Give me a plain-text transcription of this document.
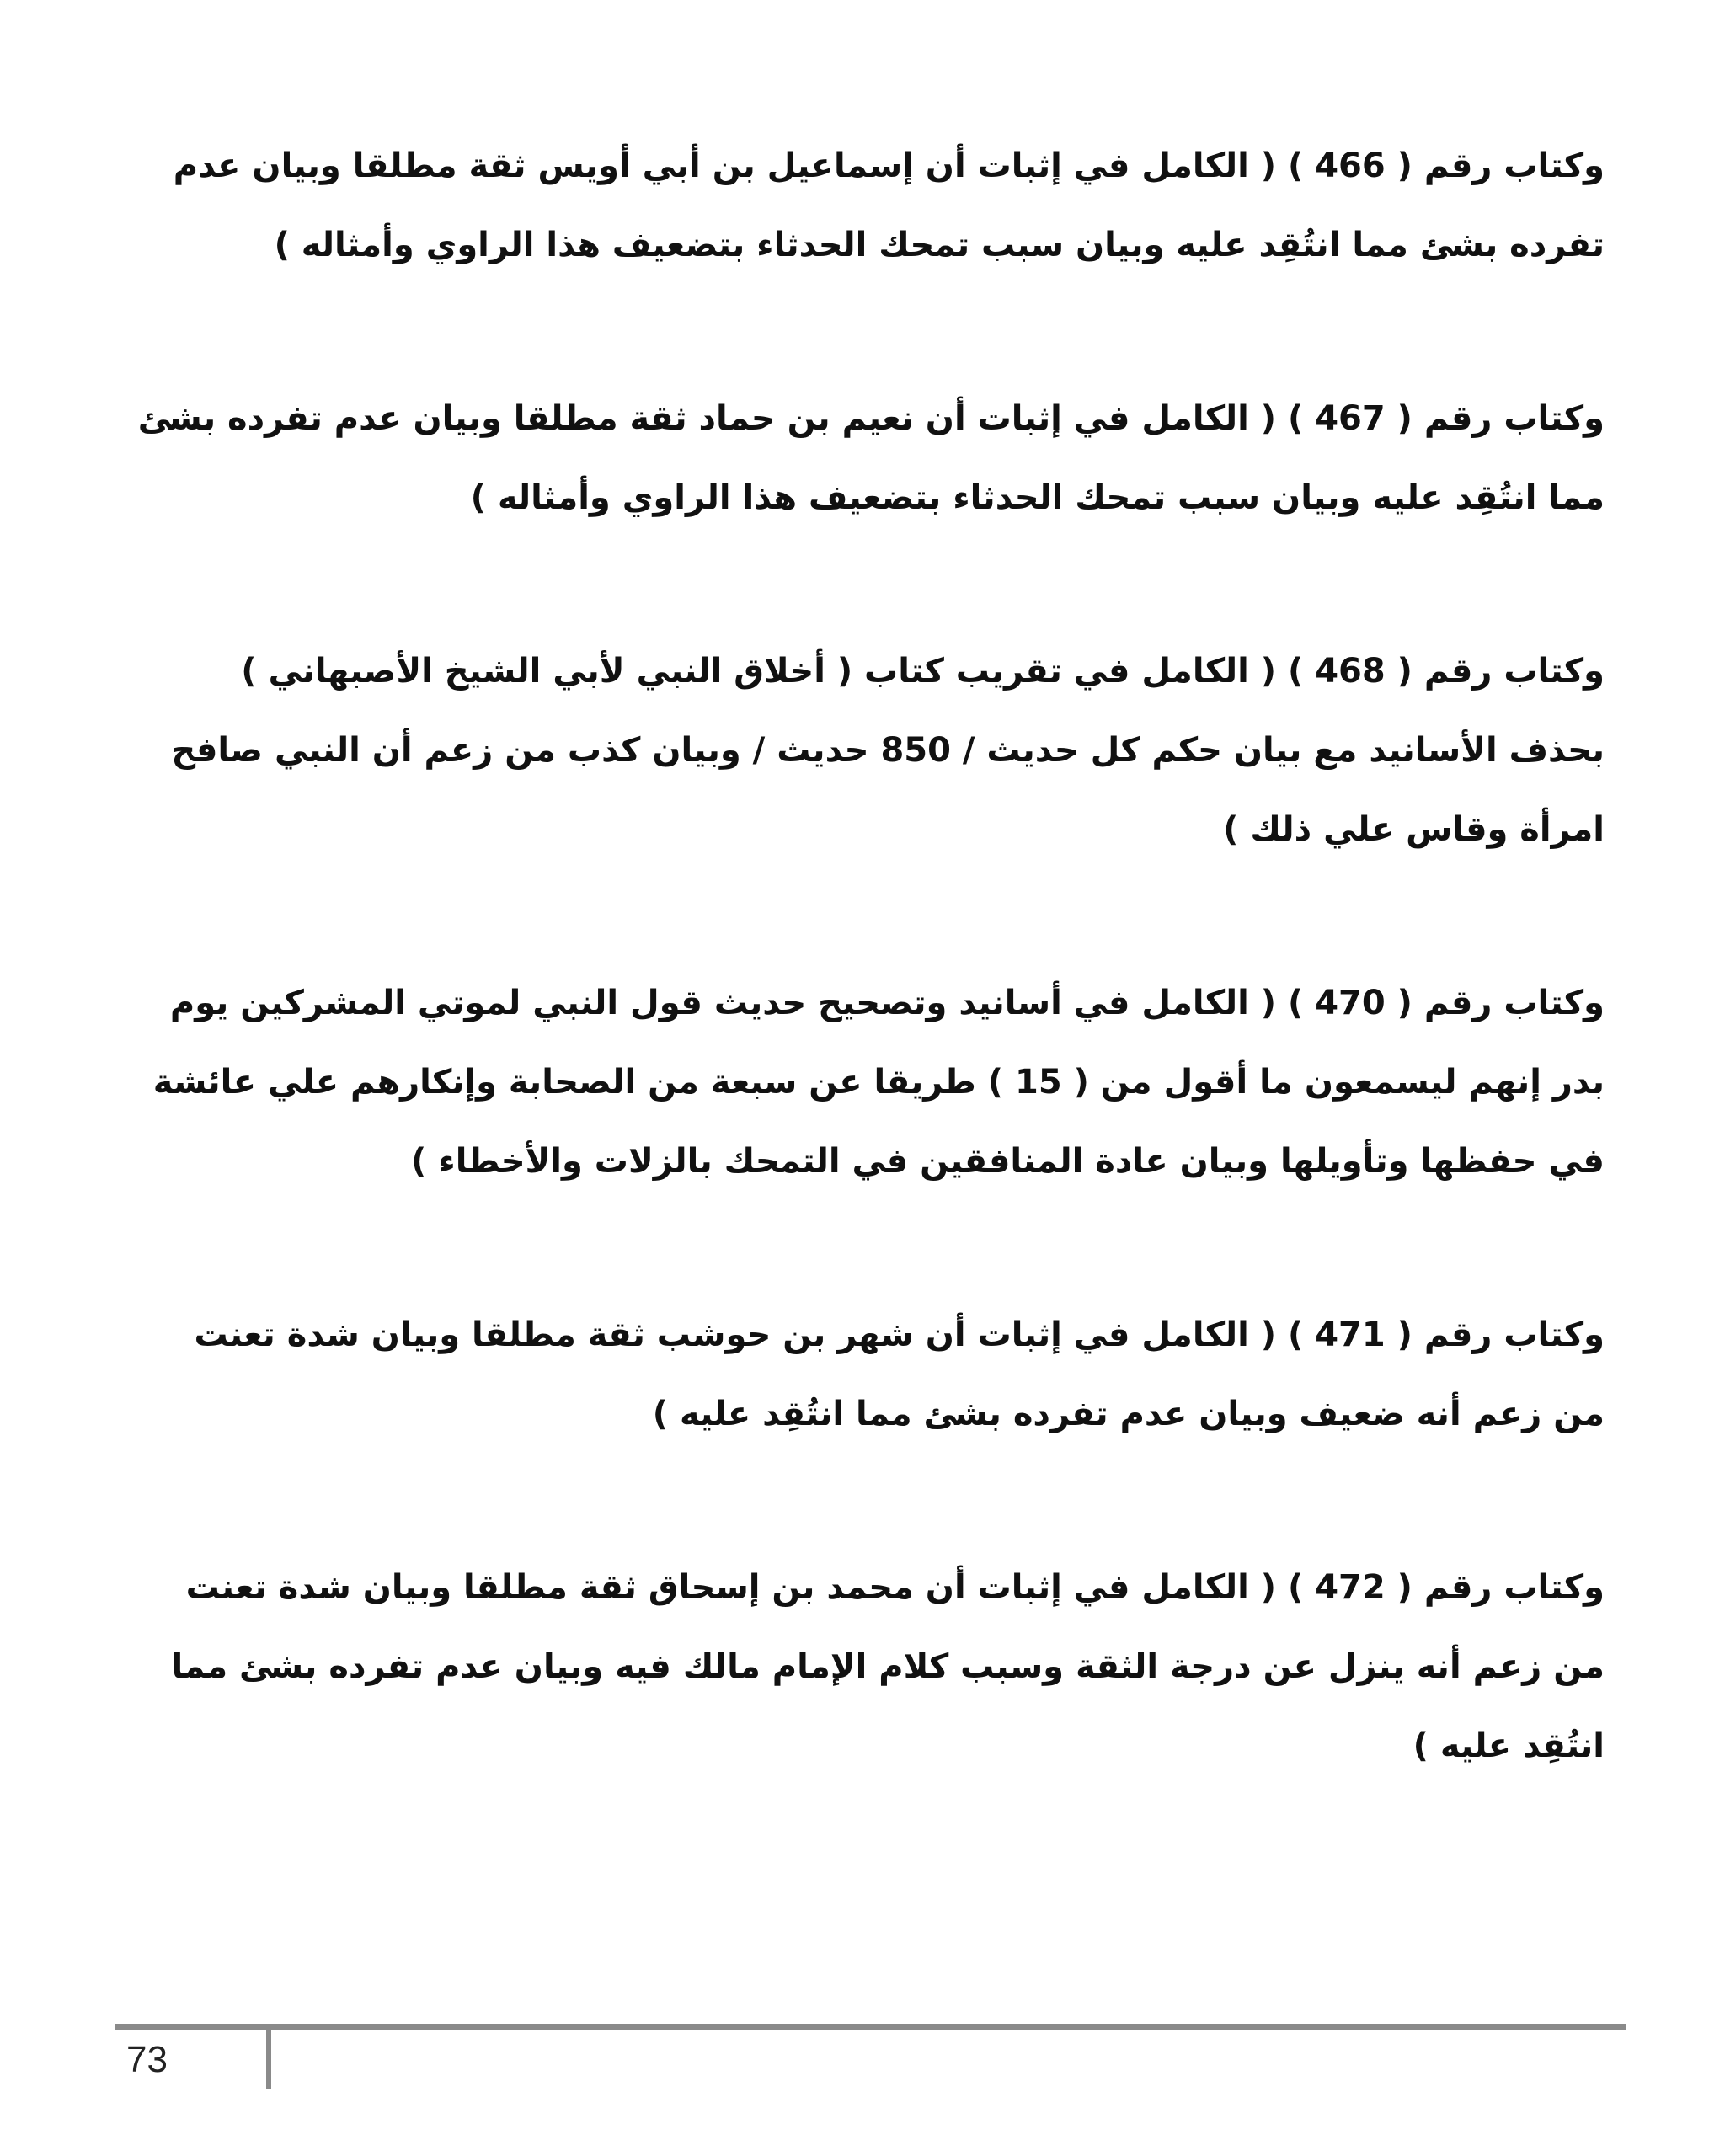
وكتاب رقم ( 466 ) ( الكامل في إثبات أن إسماعيل بن أبي أويس ثقة مطلقا وبيان عدم تفرده بشئ مما انتُقِد عليه وبيان سبب تمحك الحدثاء بتضعيف هذا الراوي وأمثاله )

وكتاب رقم ( 467 ) ( الكامل في إثبات أن نعيم بن حماد ثقة مطلقا وبيان عدم تفرده بشئ مما انتُقِد عليه وبيان سبب تمحك الحدثاء بتضعيف هذا الراوي وأمثاله )

وكتاب رقم ( 468 ) ( الكامل في تقريب كتاب ( أخلاق النبي لأبي الشيخ الأصبهاني ) بحذف الأسانيد مع بيان حكم كل حديث / 850 حديث / وبيان كذب من زعم أن النبي صافح امرأة وقاس علي ذلك )

وكتاب رقم ( 470 ) ( الكامل في أسانيد وتصحيح حديث قول النبي لموتي المشركين يوم بدر إنهم ليسمعون ما أقول من ( 15 ) طريقا عن سبعة من الصحابة وإنكارهم علي عائشة في حفظها وتأويلها وبيان عادة المنافقين في التمحك بالزلات والأخطاء )

وكتاب رقم ( 471 ) ( الكامل في إثبات أن شهر بن حوشب ثقة مطلقا وبيان شدة تعنت من زعم أنه ضعيف وبيان عدم تفرده بشئ مما انتُقِد عليه )

وكتاب رقم ( 472 ) ( الكامل في إثبات أن محمد بن إسحاق ثقة مطلقا وبيان شدة تعنت من زعم أنه ينزل عن درجة الثقة وسبب كلام الإمام مالك فيه وبيان عدم تفرده بشئ مما انتُقِد عليه )

73
